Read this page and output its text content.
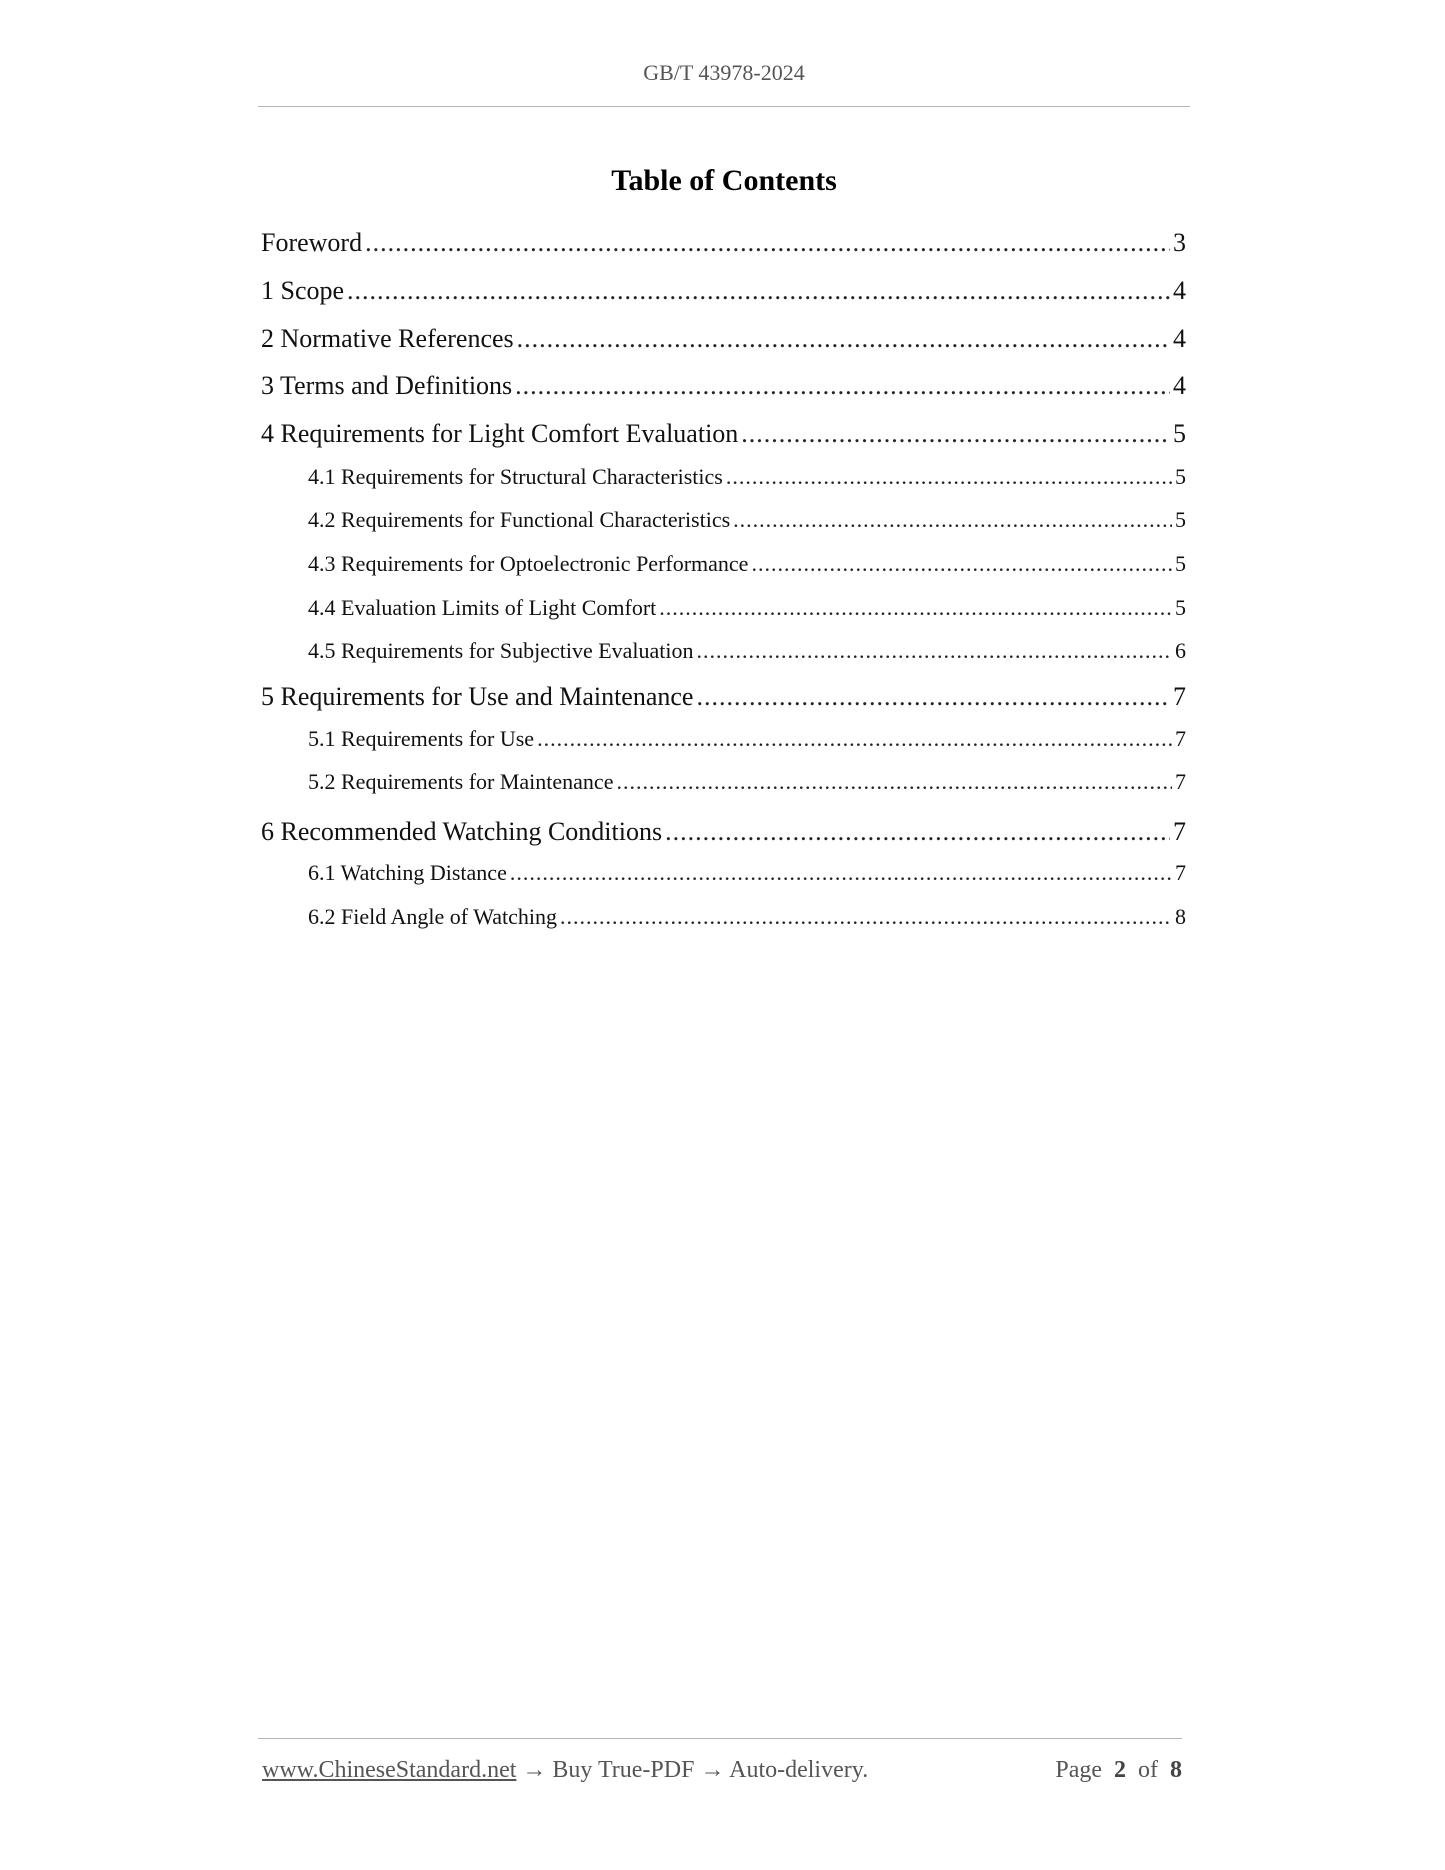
GB/T 43978-2024
Table of Contents
Foreword .....	3
1 Scope .....	4
2 Normative References .....	4
3 Terms and Definitions .....	4
4 Requirements for Light Comfort Evaluation .....	5
4.1 Requirements for Structural Characteristics .....	5
4.2 Requirements for Functional Characteristics .....	5
4.3 Requirements for Optoelectronic Performance .....	5
4.4 Evaluation Limits of Light Comfort .....	5
4.5 Requirements for Subjective Evaluation .....	6
5 Requirements for Use and Maintenance .....	7
5.1 Requirements for Use .....	7
5.2 Requirements for Maintenance .....	7
6 Recommended Watching Conditions .....	7
6.1 Watching Distance .....	7
6.2 Field Angle of Watching .....	8
www.ChineseStandard.net → Buy True-PDF → Auto-delivery.	Page 2 of 8
